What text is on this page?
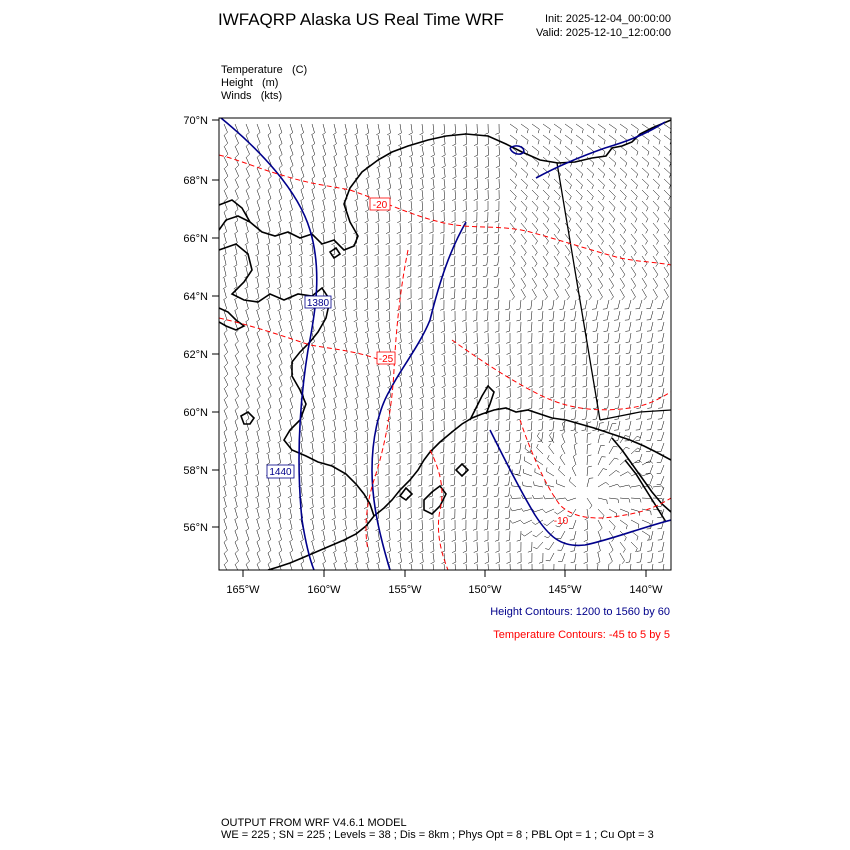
IWFAQRP Alaska US Real Time WRF	Init: 2025-12-04_00:00:00
Valid: 2025-12-10_12:00:00
Temperature (C)
Height (m)
Winds (kts)
56°N
58°N
60°N
62°N
64°N
66°N
68°N
70°N
165°W	160°W	155°W	150°W	145°W	140°W
1380
1440
-20
-25
-10
Height Contours: 1200 to 1560 by 60
Temperature Contours: -45 to 5 by 5
OUTPUT FROM WRF V4.6.1 MODEL
WE = 225 ; SN = 225 ; Levels = 38 ; Dis = 8km ; Phys Opt = 8 ; PBL Opt = 1 ; Cu Opt = 3
